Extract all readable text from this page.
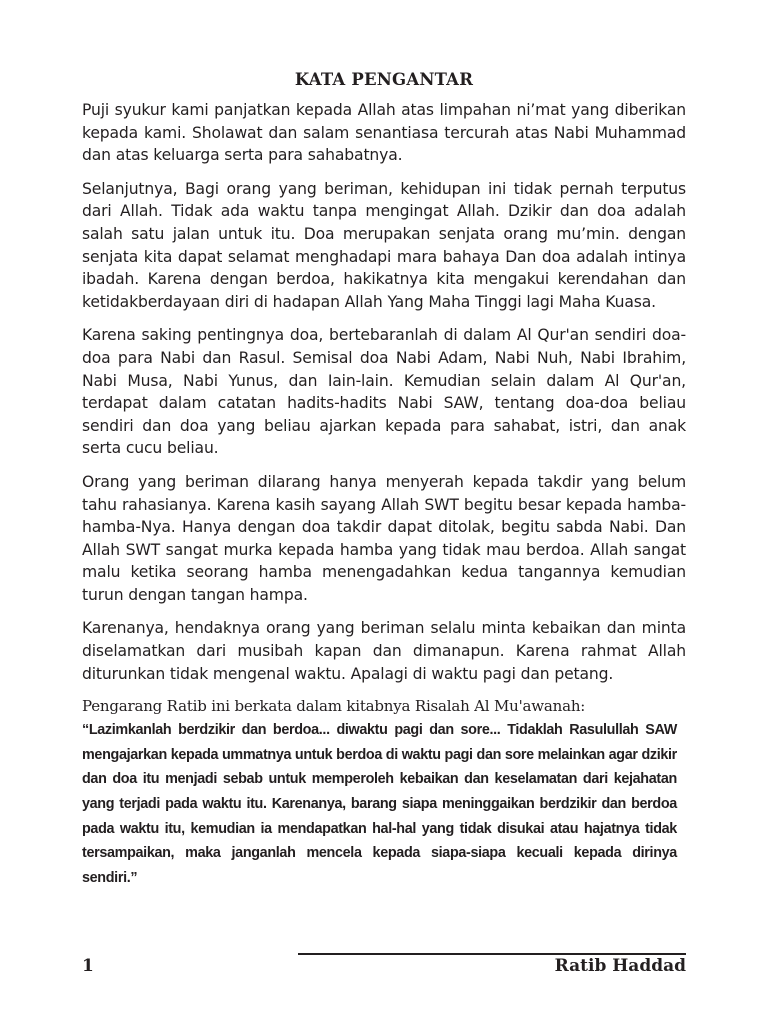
KATA PENGANTAR

Puji syukur kami panjatkan kepada Allah atas limpahan ni’mat yang diberikan kepada kami. Sholawat dan salam senantiasa tercurah atas Nabi Muhammad dan atas keluarga serta para sahabatnya.

Selanjutnya, Bagi orang yang beriman, kehidupan ini tidak pernah terputus dari Allah. Tidak ada waktu tanpa mengingat Allah. Dzikir dan doa adalah salah satu jalan untuk itu. Doa merupakan senjata orang mu’min. dengan senjata kita dapat selamat menghadapi mara bahaya Dan doa adalah intinya ibadah. Karena dengan berdoa, hakikatnya kita mengakui kerendahan dan ketidakberdayaan diri di hadapan Allah Yang Maha Tinggi lagi Maha Kuasa.

Karena saking pentingnya doa, bertebaranlah di dalam Al Qur'an sendiri doa-doa para Nabi dan Rasul. Semisal doa Nabi Adam, Nabi Nuh, Nabi Ibrahim, Nabi Musa, Nabi Yunus, dan Iain-lain. Kemudian selain dalam Al Qur'an, terdapat dalam catatan hadits-hadits Nabi SAW, tentang doa-doa beliau sendiri dan doa yang beliau ajarkan kepada para sahabat, istri, dan anak serta cucu beliau.

Orang yang beriman dilarang hanya menyerah kepada takdir yang belum tahu rahasianya. Karena kasih sayang Allah SWT begitu besar kepada hamba-hamba-Nya. Hanya dengan doa takdir dapat ditolak, begitu sabda Nabi. Dan Allah SWT sangat murka kepada hamba yang tidak mau berdoa. Allah sangat malu ketika seorang hamba menengadahkan kedua tangannya kemudian turun dengan tangan hampa.

Karenanya, hendaknya orang yang beriman selalu minta kebaikan dan minta diselamatkan dari musibah kapan dan dimanapun. Karena rahmat Allah diturunkan tidak mengenal waktu. Apalagi di waktu pagi dan petang.

Pengarang Ratib ini berkata dalam kitabnya Risalah Al Mu'awanah:

“Lazimkanlah berdzikir dan berdoa... diwaktu pagi dan sore... Tidaklah Rasulullah SAW mengajarkan kepada ummatnya untuk berdoa di waktu pagi dan sore melainkan agar dzikir dan doa itu menjadi sebab untuk memperoleh kebaikan dan keselamatan dari kejahatan yang terjadi pada waktu itu. Karenanya, barang siapa meninggaikan berdzikir dan berdoa pada waktu itu, kemudian ia mendapatkan hal-hal yang tidak disukai atau hajatnya tidak tersampaikan, maka janganlah mencela kepada siapa-siapa kecuali kepada dirinya sendiri.”

1	Ratib Haddad
